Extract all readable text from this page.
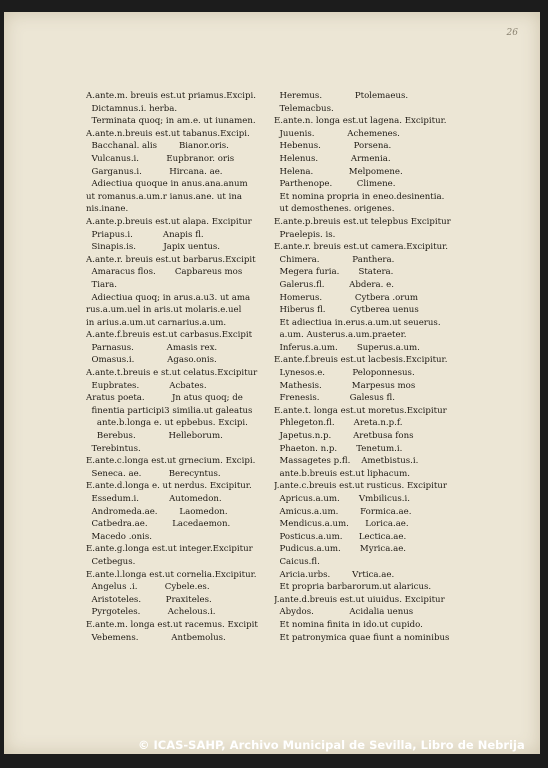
26
A.ante.m. breuis est.ut priamus.Excipi.
Dictamnus.i. herba.
Terminata quoq; in am.e. ut iunamen.
A.ante.n.breuis est.ut tabanus.Excipi.
Bacchanal. alis        Bianor.oris.
Vulcanus.i.          Eupbranor. oris
Garganus.i.          Hircana. ae.
Adiectiua quoque in anus.ana.anum
ut romanus.a.um.r ianus.ane. ut ina
nis.inane.
A.ante.p.breuis est.ut alapa. Excipitur
Priapus.i.           Anapis fl.
Sinapis.is.          Japix uentus.
A.ante.r. breuis est.ut barbarus.Excipit
Amaracus flos.       Capbareus mos
Tiara.
Adiectiua quoq; in arus.a.u3. ut ama
rus.a.um.uel in aris.ut molaris.e.uel
in arius.a.um.ut carnarius.a.um.
A.ante.f.breuis est.ut carbasus.Excipit
Parnasus.            Amasis rex.
Omasus.i.            Agaso.onis.
A.ante.t.breuis e st.ut celatus.Excipitur
Eupbrates.           Acbates.
Aratus poeta.          Jn atus quoq; de
finentia participi3 similia.ut galeatus
ante.b.longa e. ut epbebus. Excipi.
Berebus.            Helleborum.
Terebintus.
E.ante.c.longa est.ut grnecium. Excipi.
Seneca. ae.          Berecyntus.
E.ante.d.longa e. ut nerdus. Excipitur.
Essedum.i.           Automedon.
Andromeda.ae.        Laomedon.
Catbedra.ae.         Lacedaemon.
Macedo .onis.
E.ante.g.longa est.ut integer.Excipitur
Cetbegus.
E.ante.l.longa est.ut cornelia.Excipitur.
Angelus .i.          Cybele.es.
Aristoteles.         Praxiteles.
Pyrgoteles.          Achelous.i.
E.ante.m. longa est.ut racemus. Excipit
Vebemens.            Antbemolus.
Heremus.            Ptolemaeus.
Telemacbus.
E.ante.n. longa est.ut lagena. Excipitur.
Juuenis.            Achemenes.
Hebenus.            Porsena.
Helenus.            Armenia.
Helena.             Melpomene.
Parthenope.         Climene.
Et nomina propria in eneo.desinentia.
ut demosthenes. origenes.
E.ante.p.breuis est.ut telepbus Excipitur
Praelepis. is.
E.ante.r. breuis est.ut camera.Excipitur.
Chimera.            Panthera.
Megera furia.       Statera.
Galerus.fl.         Abdera. e.
Homerus.            Cytbera .orum
Hiberus fl.         Cytberea uenus
Et adiectiua in.erus.a.um.ut seuerus.
a.um. Austerus.a.um.praeter.
Inferus.a.um.       Superus.a.um.
E.ante.f.breuis est.ut lacbesis.Excipitur.
Lynesos.e.          Peloponnesus.
Mathesis.           Marpesus mos
Frenesis.           Galesus fl.
E.ante.t. longa est.ut moretus.Excipitur
Phlegeton.fl.       Areta.n.p.f.
Japetus.n.p.        Aretbusa fons
Phaeton. n.p.       Tenetum.i.
Massagetes p.fl.    Ametbistus.i.
ante.b.breuis est.ut liphacum.
J.ante.c.breuis est.ut rusticus. Excipitur
Apricus.a.um.       Vmbilicus.i.
Amicus.a.um.        Formica.ae.
Mendicus.a.um.      Lorica.ae.
Posticus.a.um.      Lectica.ae.
Pudicus.a.um.       Myrica.ae.
Caicus.fl.
Aricia.urbs.        Vrtica.ae.
Et propria barbarorum.ut alaricus.
J.ante.d.breuis est.ut uiuidus. Excipitur
Abydos.             Acidalia uenus
Et nomina finita in ido.ut cupido.
Et patronymica quae fiunt a nominibus
© ICAS-SAHP, Archivo Municipal de Sevilla, Libro de Nebrija
